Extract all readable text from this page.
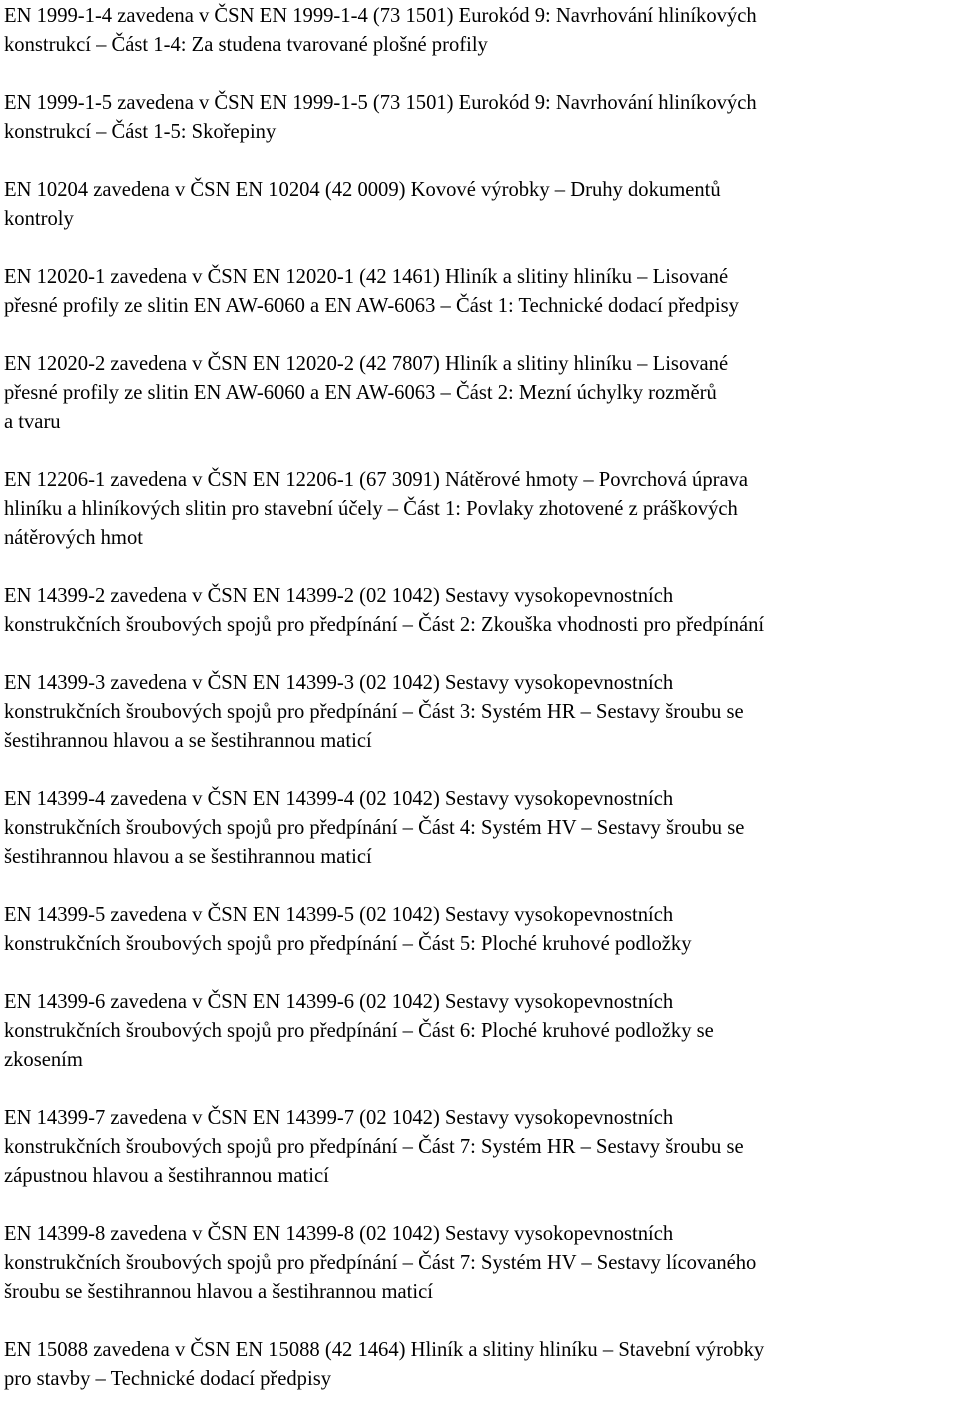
EN 1999-1-4 zavedena v ČSN EN 1999-1-4 (73 1501) Eurokód 9: Navrhování hliníkových
konstrukcí – Část 1-4: Za studena tvarované plošné profily
EN 1999-1-5 zavedena v ČSN EN 1999-1-5 (73 1501) Eurokód 9: Navrhování hliníkových
konstrukcí – Část 1-5: Skořepiny
EN 10204 zavedena v ČSN EN 10204 (42 0009) Kovové výrobky – Druhy dokumentů
kontroly
EN 12020-1 zavedena v ČSN EN 12020-1 (42 1461) Hliník a slitiny hliníku – Lisované
přesné profily ze slitin EN AW-6060 a EN AW-6063 – Část 1: Technické dodací předpisy
EN 12020-2 zavedena v ČSN EN 12020-2 (42 7807) Hliník a slitiny hliníku – Lisované
přesné profily ze slitin EN AW-6060 a EN AW-6063 – Část 2: Mezní úchylky rozměrů
a tvaru
EN 12206-1 zavedena v ČSN EN 12206-1 (67 3091) Nátěrové hmoty – Povrchová úprava
hliníku a hliníkových slitin pro stavební účely – Část 1: Povlaky zhotovené z práškových
nátěrových hmot
EN 14399-2 zavedena v ČSN EN 14399-2 (02 1042) Sestavy vysokopevnostních
konstrukčních šroubových spojů pro předpínání – Část 2: Zkouška vhodnosti pro předpínání
EN 14399-3 zavedena v ČSN EN 14399-3 (02 1042) Sestavy vysokopevnostních
konstrukčních šroubových spojů pro předpínání – Část 3: Systém HR – Sestavy šroubu se
šestihrannou hlavou a se šestihrannou maticí
EN 14399-4 zavedena v ČSN EN 14399-4 (02 1042) Sestavy vysokopevnostních
konstrukčních šroubových spojů pro předpínání – Část 4: Systém HV – Sestavy šroubu se
šestihrannou hlavou a se šestihrannou maticí
EN 14399-5 zavedena v ČSN EN 14399-5 (02 1042) Sestavy vysokopevnostních
konstrukčních šroubových spojů pro předpínání – Část 5: Ploché kruhové podložky
EN 14399-6 zavedena v ČSN EN 14399-6 (02 1042) Sestavy vysokopevnostních
konstrukčních šroubových spojů pro předpínání – Část 6: Ploché kruhové podložky se
zkosením
EN 14399-7 zavedena v ČSN EN 14399-7 (02 1042) Sestavy vysokopevnostních
konstrukčních šroubových spojů pro předpínání – Část 7: Systém HR – Sestavy šroubu se
zápustnou hlavou a šestihrannou maticí
EN 14399-8 zavedena v ČSN EN 14399-8 (02 1042) Sestavy vysokopevnostních
konstrukčních šroubových spojů pro předpínání – Část 7: Systém HV – Sestavy lícovaného
šroubu se šestihrannou hlavou a šestihrannou maticí
EN 15088 zavedena v ČSN EN 15088 (42 1464) Hliník a slitiny hliníku – Stavební výrobky
pro stavby – Technické dodací předpisy
